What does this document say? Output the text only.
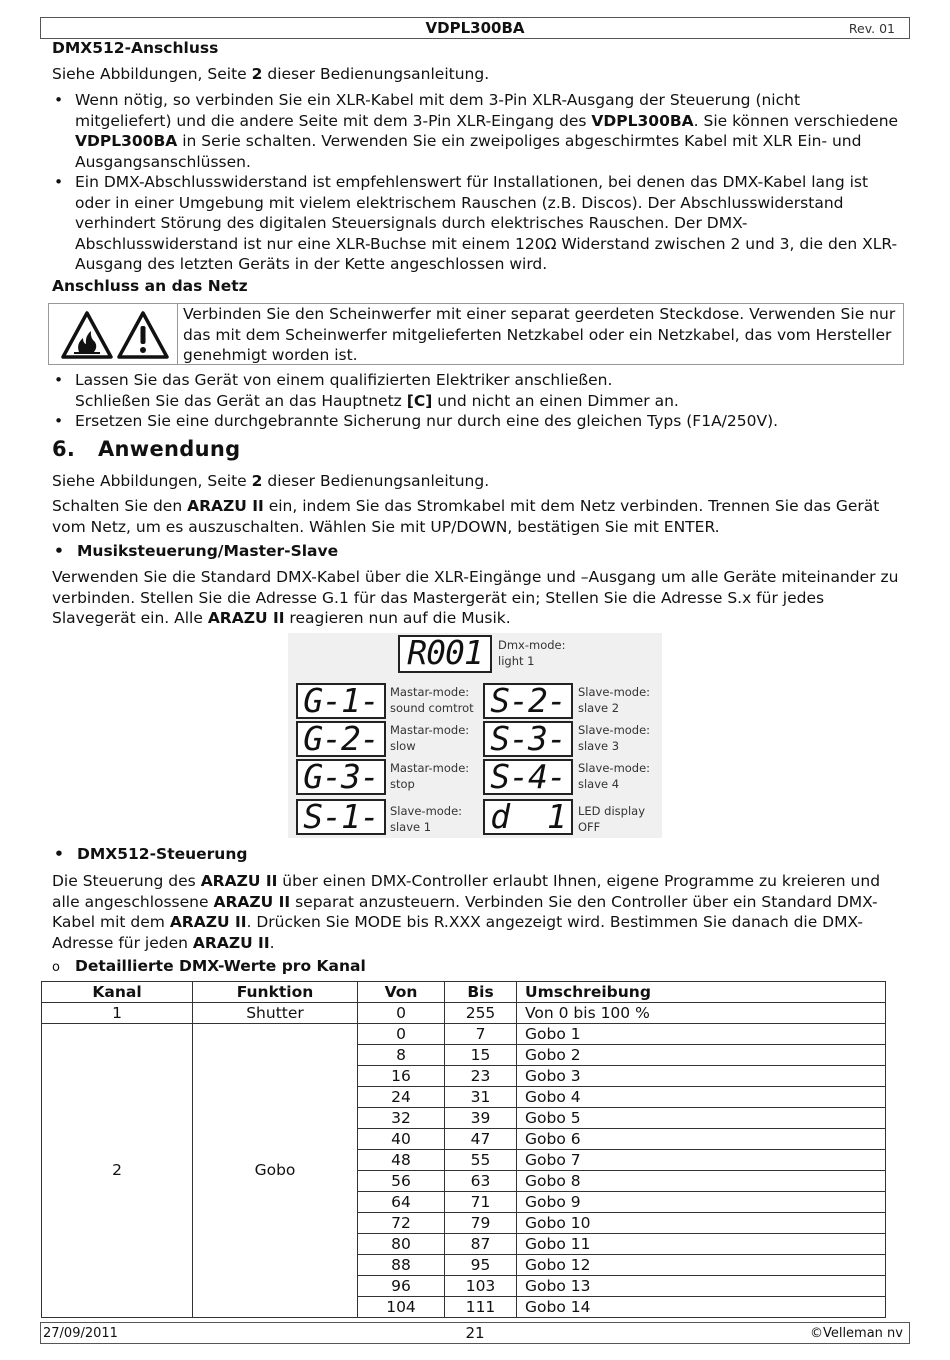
VDPL300BA	Rev. 01
DMX512-Anschluss
Siehe Abbildungen, Seite 2 dieser Bedienungsanleitung.
• Wenn nötig, so verbinden Sie ein XLR-Kabel mit dem 3-Pin XLR-Ausgang der Steuerung (nicht mitgeliefert) und die andere Seite mit dem 3-Pin XLR-Eingang des VDPL300BA. Sie können verschiedene VDPL300BA in Serie schalten. Verwenden Sie ein zweipoliges abgeschirmtes Kabel mit XLR Ein- und Ausgangsanschlüssen.
• Ein DMX-Abschlusswiderstand ist empfehlenswert für Installationen, bei denen das DMX-Kabel lang ist oder in einer Umgebung mit vielem elektrischem Rauschen (z.B. Discos). Der Abschlusswiderstand verhindert Störung des digitalen Steuersignals durch elektrisches Rauschen. Der DMX-Abschlusswiderstand ist nur eine XLR-Buchse mit einem 120Ω Widerstand zwischen 2 und 3, die den XLR-Ausgang des letzten Geräts in der Kette angeschlossen wird.
Anschluss an das Netz
Verbinden Sie den Scheinwerfer mit einer separat geerdeten Steckdose. Verwenden Sie nur das mit dem Scheinwerfer mitgelieferten Netzkabel oder ein Netzkabel, das vom Hersteller genehmigt worden ist.
• Lassen Sie das Gerät von einem qualifizierten Elektriker anschließen.
Schließen Sie das Gerät an das Hauptnetz [C] und nicht an einen Dimmer an.
• Ersetzen Sie eine durchgebrannte Sicherung nur durch eine des gleichen Typs (F1A/250V).
6. Anwendung
Siehe Abbildungen, Seite 2 dieser Bedienungsanleitung.
Schalten Sie den ARAZU II ein, indem Sie das Stromkabel mit dem Netz verbinden. Trennen Sie das Gerät vom Netz, um es auszuschalten. Wählen Sie mit UP/DOWN, bestätigen Sie mit ENTER.
• Musiksteuerung/Master-Slave
Verwenden Sie die Standard DMX-Kabel über die XLR-Eingänge und –Ausgang um alle Geräte miteinander zu verbinden. Stellen Sie die Adresse G.1 für das Mastergerät ein; Stellen Sie die Adresse S.x für jedes Slavegerät ein. Alle ARAZU II reagieren nun auf die Musik.
R001	Dmx-mode:
light 1
G-1- Mastar-mode:
sound comtrot S-2-	Slave-mode:
slave 2
G-2- Mastar-mode:
slow	S-3-	Slave-mode:
slave 3
G-3- Mastar-mode:
stop	S-4-	Slave-mode:
slave 4
S-1- Slave-mode:
slave 1	d  1	LED display
OFF
• DMX512-Steuerung
Die Steuerung des ARAZU II über einen DMX-Controller erlaubt Ihnen, eigene Programme zu kreieren und alle angeschlossene ARAZU II separat anzusteuern. Verbinden Sie den Controller über ein Standard DMX-Kabel mit dem ARAZU II. Drücken Sie MODE bis R.XXX angezeigt wird. Bestimmen Sie danach die DMX-Adresse für jeden ARAZU II.
o Detaillierte DMX-Werte pro Kanal
Kanal	Funktion	Von	Bis	Umschreibung
1	Shutter	0	255	Von 0 bis 100 %
2	Gobo	0	7	Gobo 1
		8	15	Gobo 2
		16	23	Gobo 3
		24	31	Gobo 4
		32	39	Gobo 5
		40	47	Gobo 6
		48	55	Gobo 7
		56	63	Gobo 8
		64	71	Gobo 9
		72	79	Gobo 10
		80	87	Gobo 11
		88	95	Gobo 12
		96	103	Gobo 13
		104	111	Gobo 14
27/09/2011	21	©Velleman nv
